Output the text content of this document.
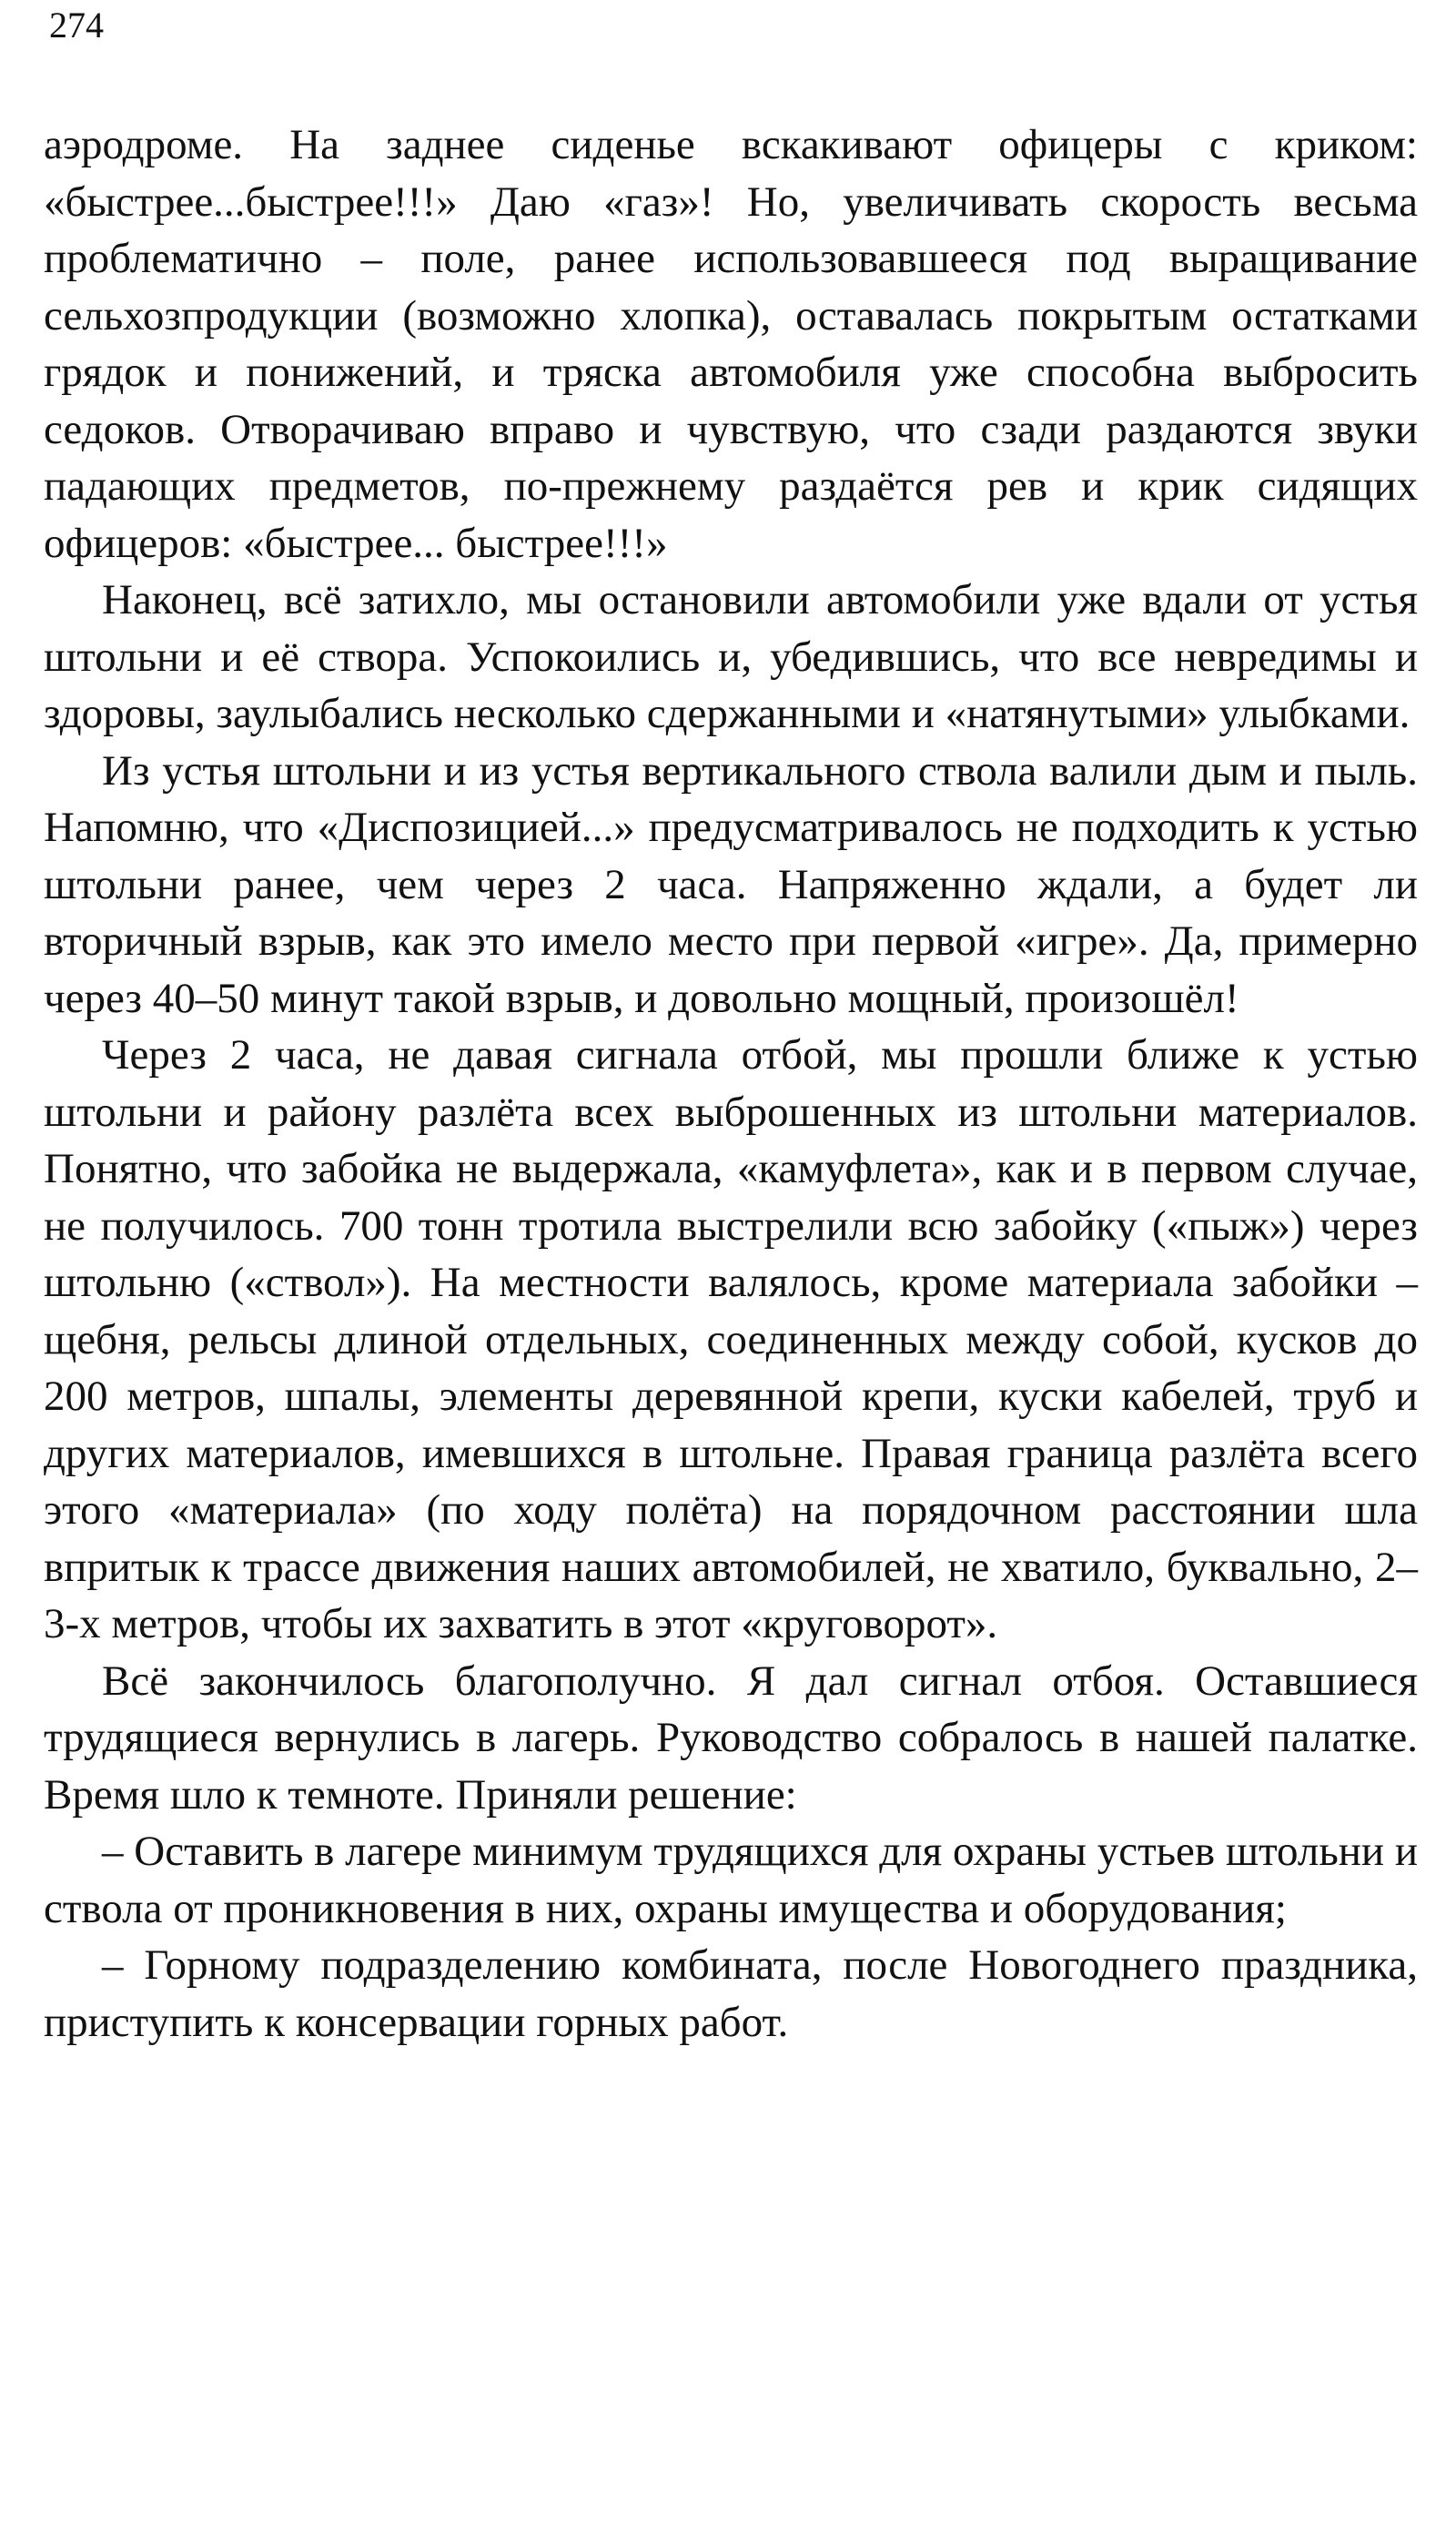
274

аэродроме. На заднее сиденье вскакивают офицеры с криком: «быстрее...быстрее!!!» Даю «газ»! Но, увеличивать скорость весьма проблематично – поле, ранее использовавшееся под выращивание сельхозпродукции (возможно хлопка), оставалась покрытым остатками грядок и понижений, и тряска автомобиля уже способна выбросить седоков. Отворачиваю вправо и чувствую, что сзади раздаются звуки падающих предметов, по-прежнему раздаётся рев и крик сидящих офицеров: «быстрее... быстрее!!!»

Наконец, всё затихло, мы остановили автомобили уже вдали от устья штольни и её створа. Успокоились и, убедившись, что все невредимы и здоровы, заулыбались несколько сдержанными и «натянутыми» улыбками.

Из устья штольни и из устья вертикального ствола валили дым и пыль. Напомню, что «Диспозицией...» предусматривалось не подходить к устью штольни ранее, чем через 2 часа. Напряженно ждали, а будет ли вторичный взрыв, как это имело место при первой «игре». Да, примерно через 40–50 минут такой взрыв, и довольно мощный, произошёл!

Через 2 часа, не давая сигнала отбой, мы прошли ближе к устью штольни и району разлёта всех выброшенных из штольни материалов. Понятно, что забойка не выдержала, «камуфлета», как и в первом случае, не получилось. 700 тонн тротила выстрелили всю забойку («пыж») через штольню («ствол»). На местности валялось, кроме материала забойки – щебня, рельсы длиной отдельных, соединенных между собой, кусков до 200 метров, шпалы, элементы деревянной крепи, куски кабелей, труб и других материалов, имевшихся в штольне. Правая граница разлёта всего этого «материала» (по ходу полёта) на порядочном расстоянии шла впритык к трассе движения наших автомобилей, не хватило, буквально, 2–3-х метров, чтобы их захватить в этот «круговорот».

Всё закончилось благополучно. Я дал сигнал отбоя. Оставшиеся трудящиеся вернулись в лагерь. Руководство собралось в нашей палатке. Время шло к темноте. Приняли решение:

– Оставить в лагере минимум трудящихся для охраны устьев штольни и ствола от проникновения в них, охраны имущества и оборудования;

– Горному подразделению комбината, после Новогоднего праздника, приступить к консервации горных работ.
